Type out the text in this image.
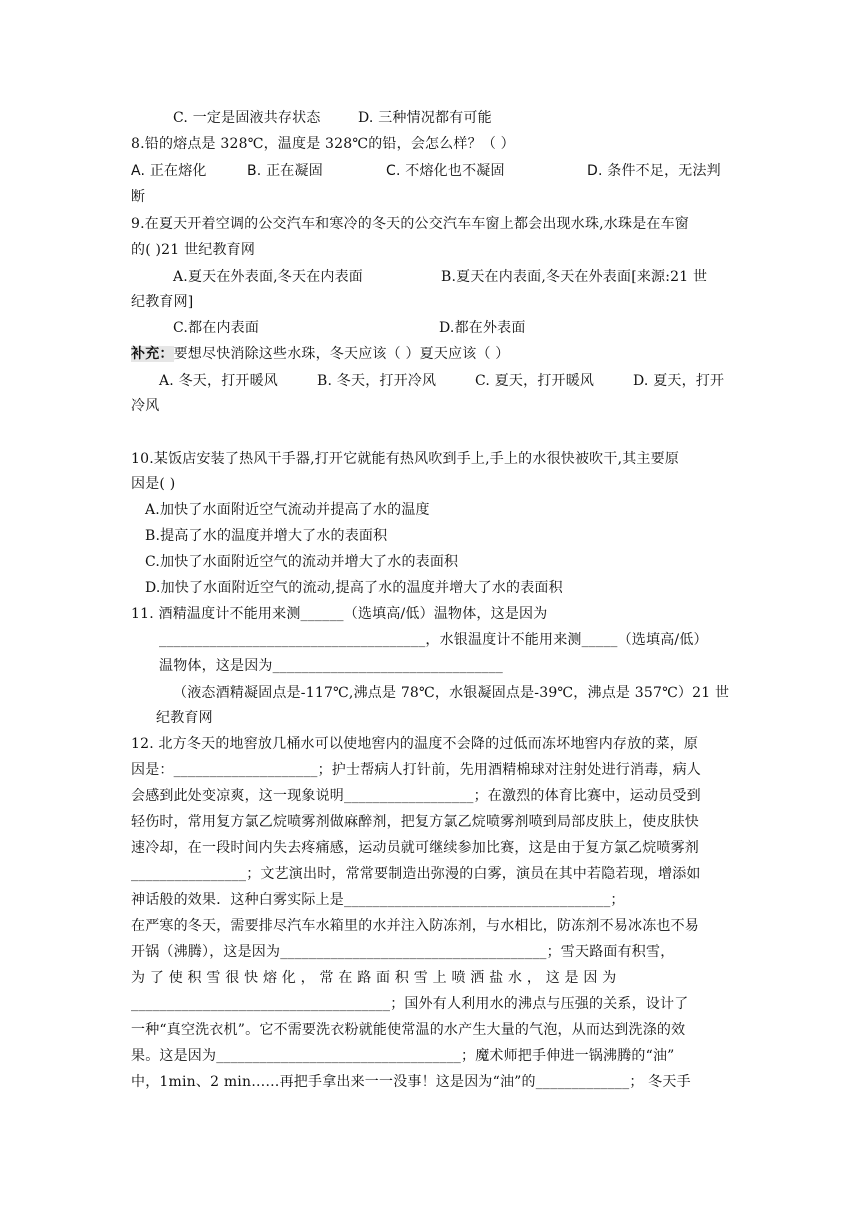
C. 一定是固液共存状态	D. 三种情况都有可能
8.铅的熔点是 328℃，温度是 328℃的铅，会怎么样？（ ）
A. 正在熔化	B. 正在凝固	C. 不熔化也不凝固	D. 条件不足，无法判
断
9.在夏天开着空调的公交汽车和寒冷的冬天的公交汽车车窗上都会出现水珠,水珠是在车窗
的( )21 世纪教育网
A.夏天在外表面,冬天在内表面	B.夏天在内表面,冬天在外表面[来源:21 世
纪教育网]
C.都在内表面	D.都在外表面
补充：要想尽快消除这些水珠，冬天应该（ ）夏天应该（ ）
A. 冬天，打开暖风	B. 冬天，打开冷风	C. 夏天，打开暖风	D. 夏天，打开
冷风
10.某饭店安装了热风干手器,打开它就能有热风吹到手上,手上的水很快被吹干,其主要原
因是( )
A.加快了水面附近空气流动并提高了水的温度
B.提高了水的温度并增大了水的表面积
C.加快了水面附近空气的流动并增大了水的表面积
D.加快了水面附近空气的流动,提高了水的温度并增大了水的表面积
11. 酒精温度计不能用来测______（选填高/低）温物体，这是因为
_____________________________________，水银温度计不能用来测_____（选填高/低）
温物体，这是因为________________________________
（液态酒精凝固点是-117℃,沸点是 78℃，水银凝固点是-39℃，沸点是 357℃）21 世
纪教育网
12. 北方冬天的地窖放几桶水可以使地窖内的温度不会降的过低而冻坏地窖内存放的菜，原
因是：____________________；护士帮病人打针前，先用酒精棉球对注射处进行消毒，病人
会感到此处变凉爽，这一现象说明__________________；在激烈的体育比赛中，运动员受到
轻伤时，常用复方氯乙烷喷雾剂做麻醉剂，把复方氯乙烷喷雾剂喷到局部皮肤上，使皮肤快
速冷却，在一段时间内失去疼痛感，运动员就可继续参加比赛，这是由于复方氯乙烷喷雾剂
________________；文艺演出时，常常要制造出弥漫的白雾，演员在其中若隐若现，增添如
神话般的效果．这种白雾实际上是_____________________________________；
在严寒的冬天，需要排尽汽车水箱里的水并注入防冻剂，与水相比，防冻剂不易冰冻也不易
开锅（沸腾），这是因为_____________________________________；雪天路面有积雪，
为 了 使 积 雪 很 快 熔 化 ， 常 在 路 面 积 雪 上 喷 洒 盐 水 ， 这 是 因 为
____________________________________；国外有人利用水的沸点与压强的关系，设计了
一种“真空洗衣机”。它不需要洗衣粉就能使常温的水产生大量的气泡，从而达到洗涤的效
果。这是因为__________________________________；魔术师把手伸进一锅沸腾的“油”
中，1min、2 min……再把手拿出来一一没事！这是因为“油”的_____________； 冬天手
